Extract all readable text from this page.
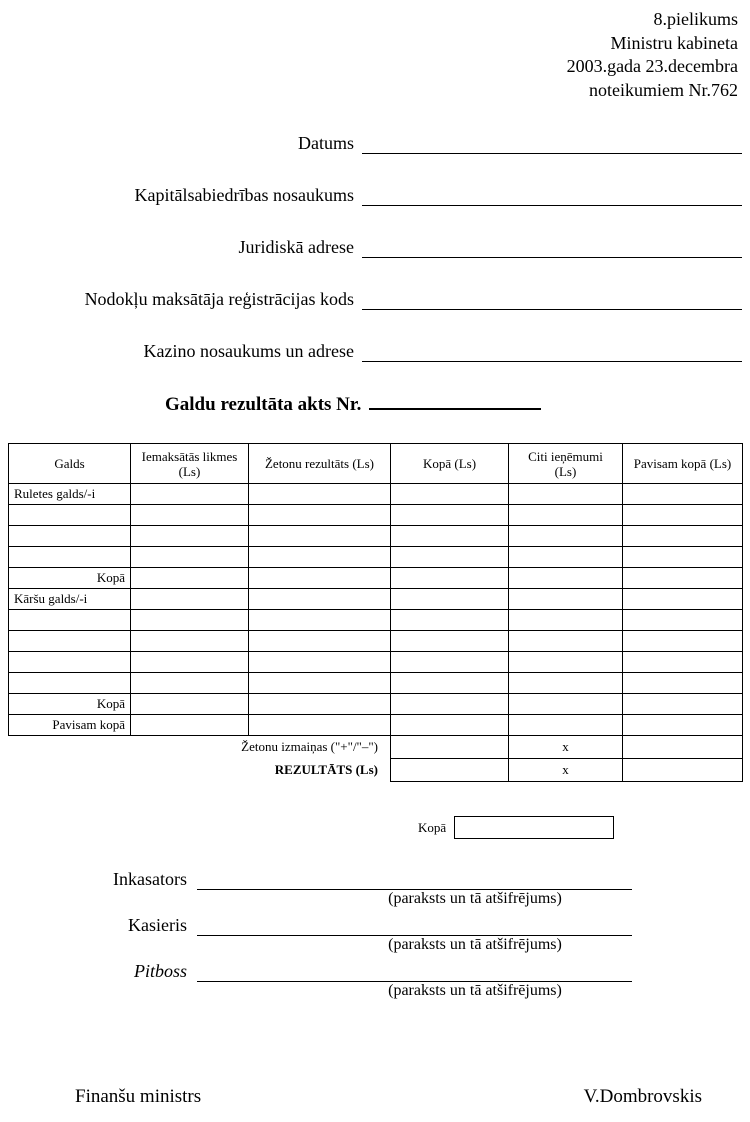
8.pielikums
Ministru kabineta
2003.gada 23.decembra
noteikumiem Nr.762
Datums
Kapitālsabiedrības nosaukums
Juridiskā adrese
Nodokļu maksātāja reģistrācijas kods
Kazino nosaukums un adrese
Galdu rezultāta akts Nr.
Galds	Iemaksātās likmes (Ls)	Žetonu rezultāts (Ls)	Kopā (Ls)	Citi ieņēmumi (Ls)	Pavisam kopā (Ls)
Ruletes galds/-i					

Kopā					
Kāršu galds/-i					

Kopā					
Pavisam kopā					
Žetonu izmaiņas ("+"/"–")				x	
REZULTĀTS (Ls)				x	
Kopā
Inkasators
(paraksts un tā atšifrējums)
Kasieris
(paraksts un tā atšifrējums)
Pitboss
(paraksts un tā atšifrējums)
Finanšu ministrs	V.Dombrovskis
